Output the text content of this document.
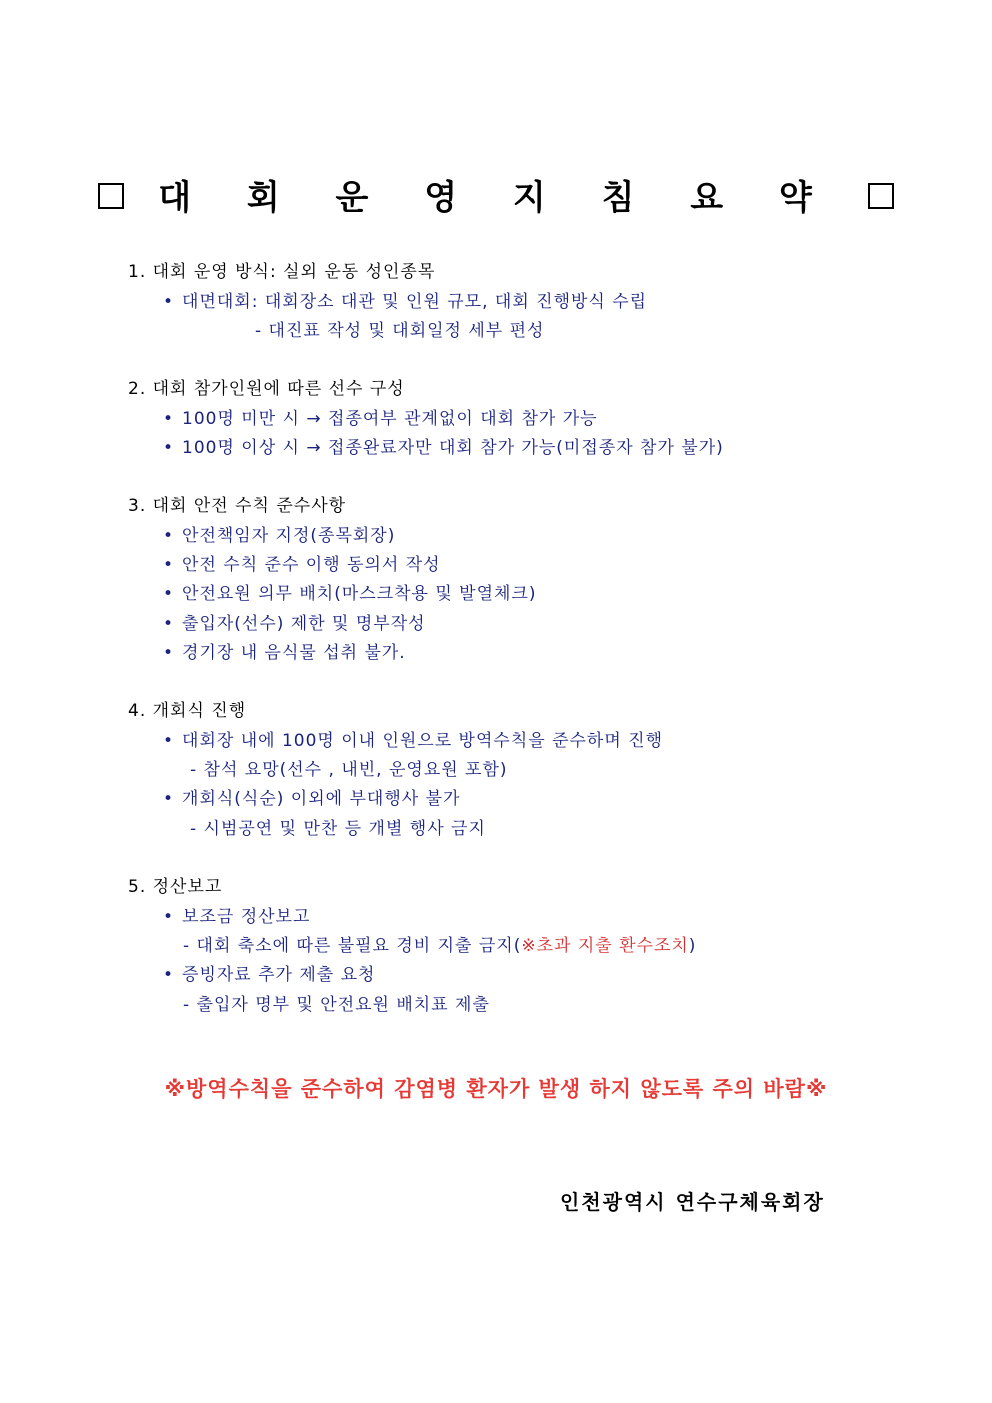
대 회 운 영 지 침 요 약
1. 대회 운영 방식: 실외 운동 성인종목
• 대면대회: 대회장소 대관 및 인원 규모, 대회 진행방식 수립
- 대진표 작성 및 대회일정 세부 편성
2. 대회 참가인원에 따른 선수 구성
• 100명 미만 시 → 접종여부 관계없이 대회 참가 가능
• 100명 이상 시 → 접종완료자만 대회 참가 가능(미접종자 참가 불가)
3. 대회 안전 수칙 준수사항
• 안전책임자 지정(종목회장)
• 안전 수칙 준수 이행 동의서 작성
• 안전요원 의무 배치(마스크착용 및 발열체크)
• 출입자(선수) 제한 및 명부작성
• 경기장 내 음식물 섭취 불가.
4. 개회식 진행
• 대회장 내에 100명 이내 인원으로 방역수칙을 준수하며 진행
- 참석 요망(선수 , 내빈, 운영요원 포함)
• 개회식(식순) 이외에 부대행사 불가
- 시범공연 및 만찬 등 개별 행사 금지
5. 정산보고
• 보조금 정산보고
- 대회 축소에 따른 불필요 경비 지출 금지(※초과 지출 환수조치)
• 증빙자료 추가 제출 요청
- 출입자 명부 및 안전요원 배치표 제출
※방역수칙을 준수하여 감염병 환자가 발생 하지 않도록 주의 바람※
인천광역시 연수구체육회장
